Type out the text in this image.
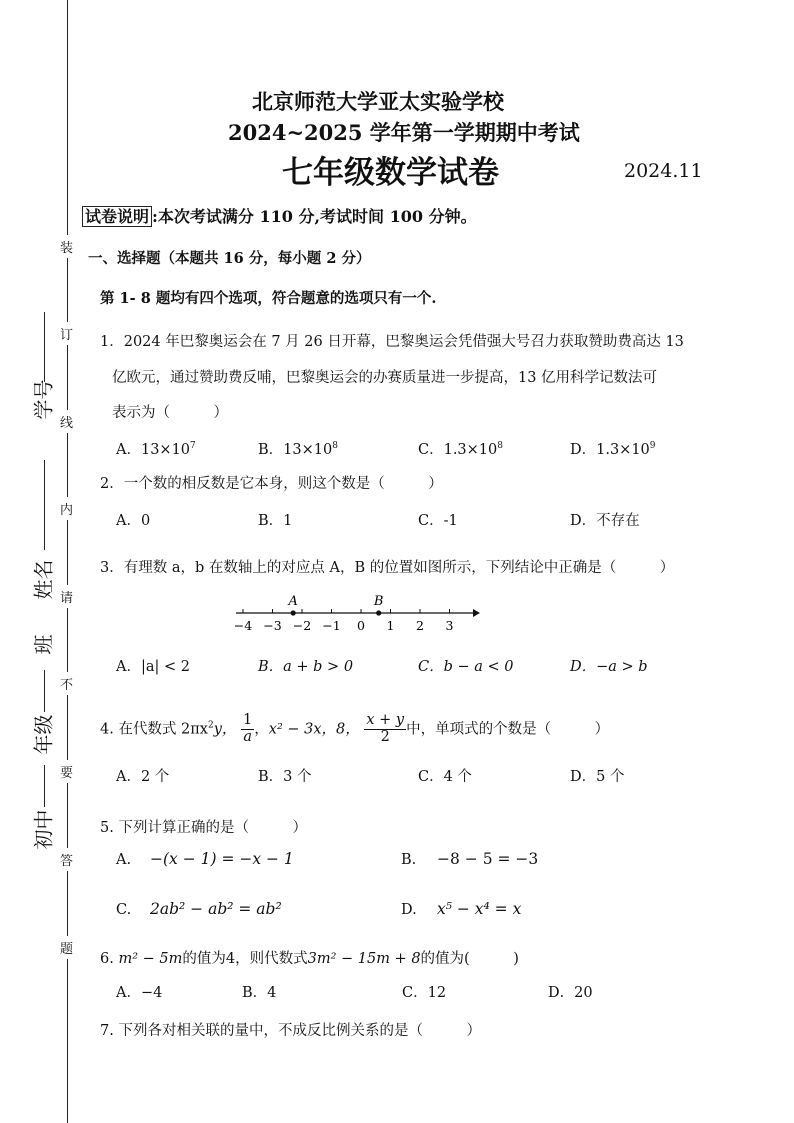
装
订
线
内
请
不
要
答
题
学号
姓名
班
年级
初中
北京师范大学亚太实验学校
2024~2025 学年第一学期期中考试
七年级数学试卷	2024.11
试卷说明 :本次考试满分 110 分,考试时间 100 分钟。
一、选择题（本题共 16 分，每小题 2 分）
第 1- 8 题均有四个选项，符合题意的选项只有一个.
1．2024 年巴黎奥运会在 7 月 26 日开幕，巴黎奥运会凭借强大号召力获取赞助费高达 13
亿欧元，通过赞助费反哺，巴黎奥运会的办赛质量进一步提高，13 亿用科学记数法可
表示为（　　　）
A．$13\times 10^7$	B．$13\times 10^8$	C．$1.3\times 10^8$	D．$1.3\times 10^9$
2．一个数的相反数是它本身，则这个数是（　　　）
A．0	B．1	C．-1	D．不存在
3．有理数 a，b 在数轴上的对应点 A，B 的位置如图所示，下列结论中正确是（　　　）
−4 −3 −2 −1 0 1 2 3
A	B
A．|a| < 2	B．a + b > 0	C．b − a < 0	D．−a > b
4. 在代数式 $2\pi x^2y$， $\frac{1}{a}$ ，x² − 3x，8， $\frac{x + y}{2}$ 中，单项式的个数是（　　　）
A．2 个	B．3 个	C．4 个	D．5 个
5. 下列计算正确的是（　　　）
A. −(x − 1) = −x − 1	B. −8 − 5 = −3
C. 2ab² − ab² = ab²	D. x⁵ − x⁴ = x
6. m² − 5m的值为4，则代数式3m² − 15m + 8的值为(　　　)
A．−4	B．4	C．12	D．20
7. 下列各对相关联的量中，不成反比例关系的是（　　　）
